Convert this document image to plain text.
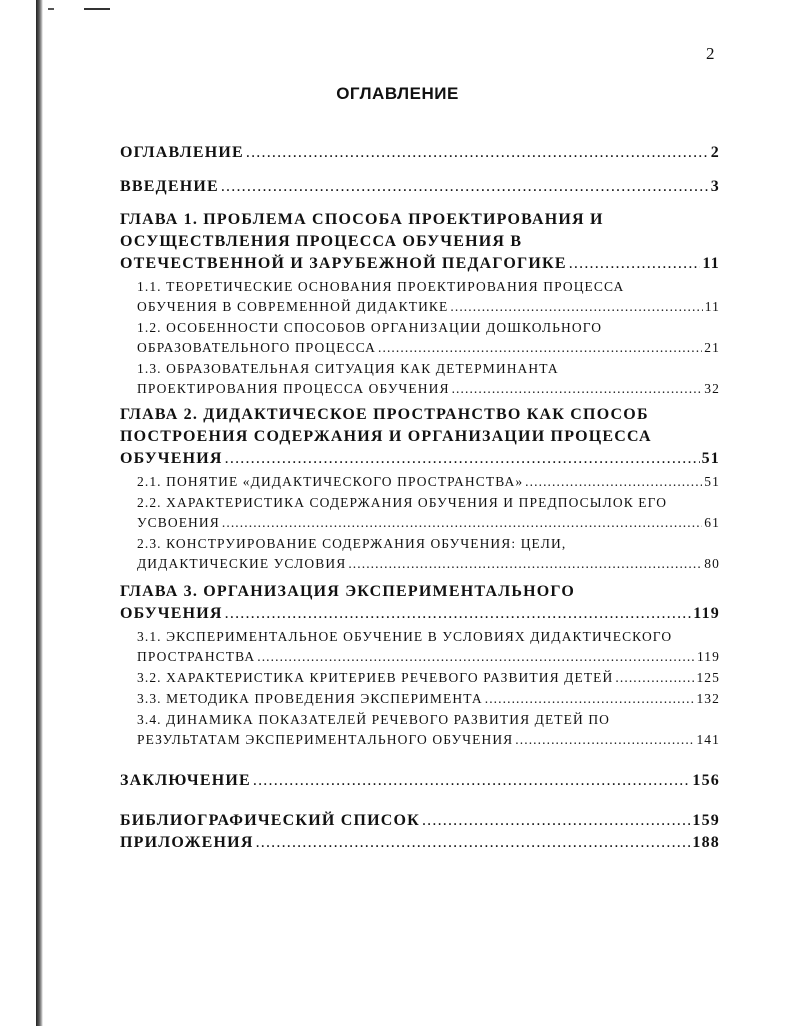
2
ОГЛАВЛЕНИЕ
ОГЛАВЛЕНИЕ .....	2
ВВЕДЕНИЕ .....	3
ГЛАВА 1. ПРОБЛЕМА СПОСОБА ПРОЕКТИРОВАНИЯ И
ОСУЩЕСТВЛЕНИЯ ПРОЦЕССА ОБУЧЕНИЯ В
ОТЕЧЕСТВЕННОЙ И ЗАРУБЕЖНОЙ ПЕДАГОГИКЕ .....	11
1.1. ТЕОРЕТИЧЕСКИЕ ОСНОВАНИЯ ПРОЕКТИРОВАНИЯ ПРОЦЕССА
ОБУЧЕНИЯ В СОВРЕМЕННОЙ ДИДАКТИКЕ .....	11
1.2. ОСОБЕННОСТИ СПОСОБОВ ОРГАНИЗАЦИИ ДОШКОЛЬНОГО
ОБРАЗОВАТЕЛЬНОГО ПРОЦЕССА .....	21
1.3. ОБРАЗОВАТЕЛЬНАЯ СИТУАЦИЯ КАК ДЕТЕРМИНАНТА
ПРОЕКТИРОВАНИЯ ПРОЦЕССА ОБУЧЕНИЯ .....	32
ГЛАВА 2. ДИДАКТИЧЕСКОЕ ПРОСТРАНСТВО КАК СПОСОБ
ПОСТРОЕНИЯ СОДЕРЖАНИЯ И ОРГАНИЗАЦИИ ПРОЦЕССА
ОБУЧЕНИЯ .....	51
2.1. ПОНЯТИЕ «ДИДАКТИЧЕСКОГО ПРОСТРАНСТВА» .....	51
2.2. ХАРАКТЕРИСТИКА СОДЕРЖАНИЯ ОБУЧЕНИЯ И ПРЕДПОСЫЛОК ЕГО
УСВОЕНИЯ .....	61
2.3. КОНСТРУИРОВАНИЕ СОДЕРЖАНИЯ ОБУЧЕНИЯ: ЦЕЛИ,
ДИДАКТИЧЕСКИЕ УСЛОВИЯ .....	80
ГЛАВА 3. ОРГАНИЗАЦИЯ ЭКСПЕРИМЕНТАЛЬНОГО
ОБУЧЕНИЯ .....	119
3.1. ЭКСПЕРИМЕНТАЛЬНОЕ ОБУЧЕНИЕ В УСЛОВИЯХ ДИДАКТИЧЕСКОГО
ПРОСТРАНСТВА .....	119
3.2. ХАРАКТЕРИСТИКА КРИТЕРИЕВ РЕЧЕВОГО РАЗВИТИЯ ДЕТЕЙ .....	125
3.3. МЕТОДИКА ПРОВЕДЕНИЯ ЭКСПЕРИМЕНТА .....	132
3.4. ДИНАМИКА ПОКАЗАТЕЛЕЙ РЕЧЕВОГО РАЗВИТИЯ ДЕТЕЙ ПО
РЕЗУЛЬТАТАМ ЭКСПЕРИМЕНТАЛЬНОГО ОБУЧЕНИЯ .....	141
ЗАКЛЮЧЕНИЕ .....	156
БИБЛИОГРАФИЧЕСКИЙ СПИСОК .....	159
ПРИЛОЖЕНИЯ .....	188
